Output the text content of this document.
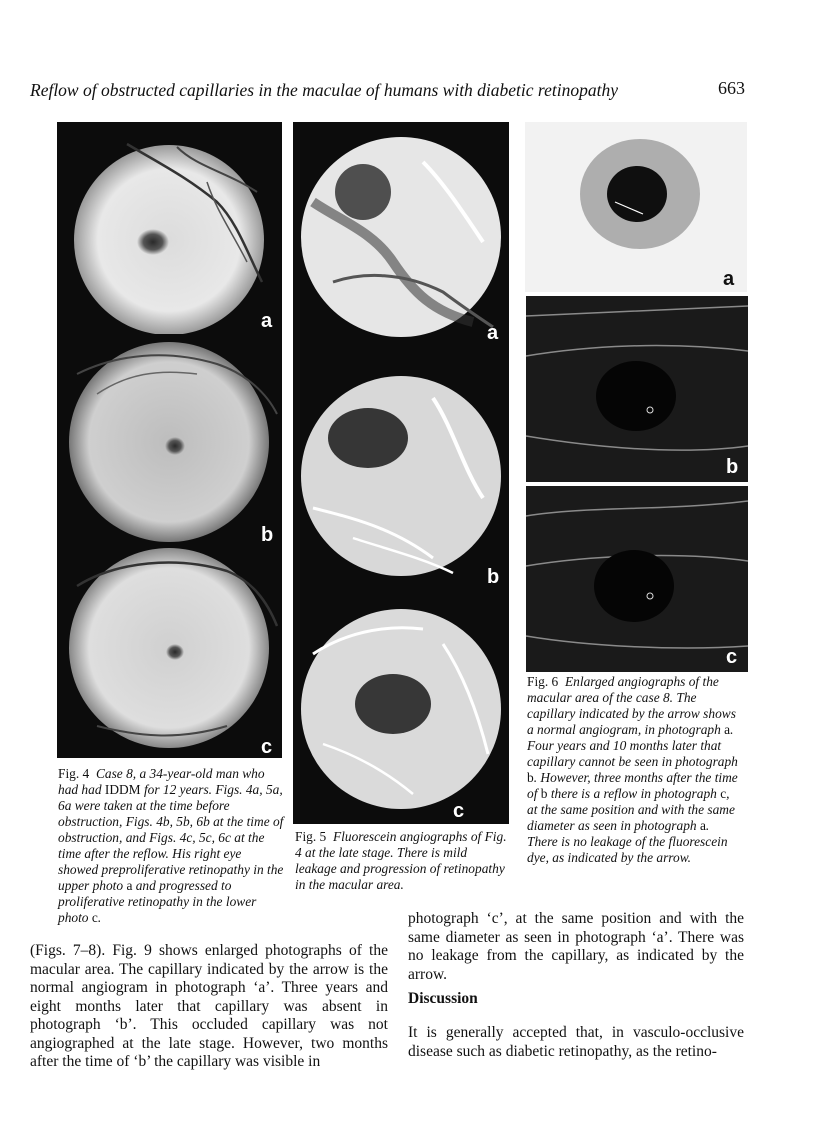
Reflow of obstructed capillaries in the maculae of humans with diabetic retinopathy	663
a
b
c
Fig. 4 Case 8, a 34-year-old man who had had IDDM for 12 years. Figs. 4a, 5a, 6a were taken at the time before obstruction, Figs. 4b, 5b, 6b at the time of obstruction, and Figs. 4c, 5c, 6c at the time after the reflow. His right eye showed preproliferative retinopathy in the upper photo a and progressed to proliferative retinopathy in the lower photo c.
a
b
c
Fig. 5 Fluorescein angiographs of Fig. 4 at the late stage. There is mild leakage and progression of retinopathy in the macular area.
a
b
c
Fig. 6 Enlarged angiographs of the macular area of the case 8. The capillary indicated by the arrow shows a normal angiogram, in photograph a. Four years and 10 months later that capillary cannot be seen in photograph b. However, three months after the time of b there is a reflow in photograph c, at the same position and with the same diameter as seen in photograph a. There is no leakage of the fluorescein dye, as indicated by the arrow.
(Figs. 7–8). Fig. 9 shows enlarged photographs of the macular area. The capillary indicated by the arrow is the normal angiogram in photograph ‘a’. Three years and eight months later that capillary was absent in photograph ‘b’. This occluded capillary was not angiographed at the late stage. However, two months after the time of ‘b’ the capillary was visible in
photograph ‘c’, at the same position and with the same diameter as seen in photograph ‘a’. There was no leakage from the capillary, as indicated by the arrow.
Discussion
It is generally accepted that, in vasculo-occlusive disease such as diabetic retinopathy, as the retino-
